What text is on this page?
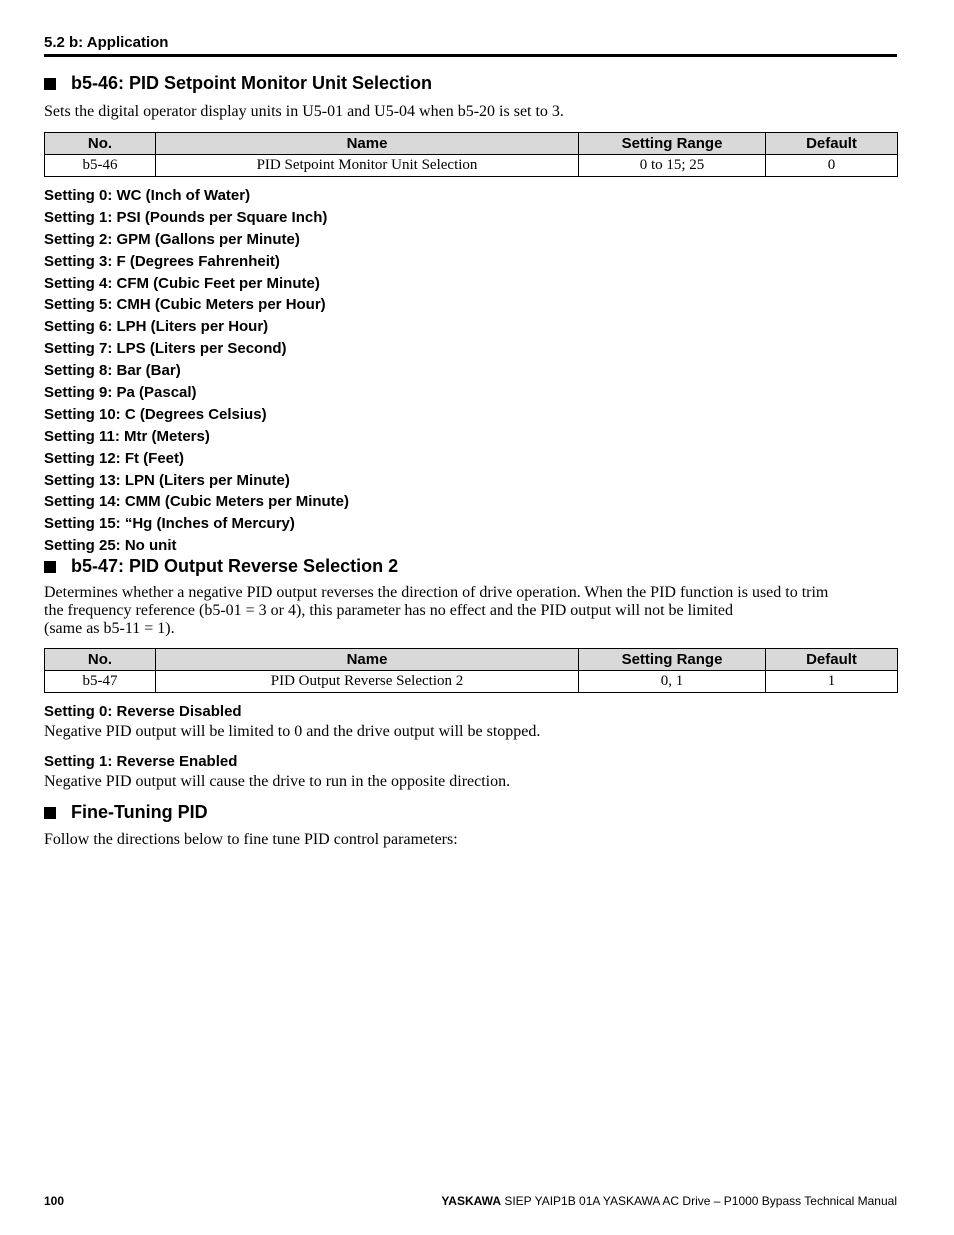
5.2 b: Application
b5-46: PID Setpoint Monitor Unit Selection
Sets the digital operator display units in U5-01 and U5-04 when b5-20 is set to 3.
No.	Name	Setting Range	Default
b5-46	PID Setpoint Monitor Unit Selection	0 to 15; 25	0
Setting 0: WC (Inch of Water)
Setting 1: PSI (Pounds per Square Inch)
Setting 2: GPM (Gallons per Minute)
Setting 3: F (Degrees Fahrenheit)
Setting 4: CFM (Cubic Feet per Minute)
Setting 5: CMH (Cubic Meters per Hour)
Setting 6: LPH (Liters per Hour)
Setting 7: LPS (Liters per Second)
Setting 8: Bar (Bar)
Setting 9: Pa (Pascal)
Setting 10: C (Degrees Celsius)
Setting 11: Mtr (Meters)
Setting 12: Ft (Feet)
Setting 13: LPN (Liters per Minute)
Setting 14: CMM (Cubic Meters per Minute)
Setting 15: “Hg (Inches of Mercury)
Setting 25: No unit
b5-47: PID Output Reverse Selection 2
Determines whether a negative PID output reverses the direction of drive operation. When the PID function is used to trim
the frequency reference (b5-01 = 3 or 4), this parameter has no effect and the PID output will not be limited
(same as b5-11 = 1).
No.	Name	Setting Range	Default
b5-47	PID Output Reverse Selection 2	0, 1	1
Setting 0: Reverse Disabled
Negative PID output will be limited to 0 and the drive output will be stopped.
Setting 1: Reverse Enabled
Negative PID output will cause the drive to run in the opposite direction.
Fine-Tuning PID
Follow the directions below to fine tune PID control parameters:
100	YASKAWA SIEP YAIP1B 01A YASKAWA AC Drive – P1000 Bypass Technical Manual
